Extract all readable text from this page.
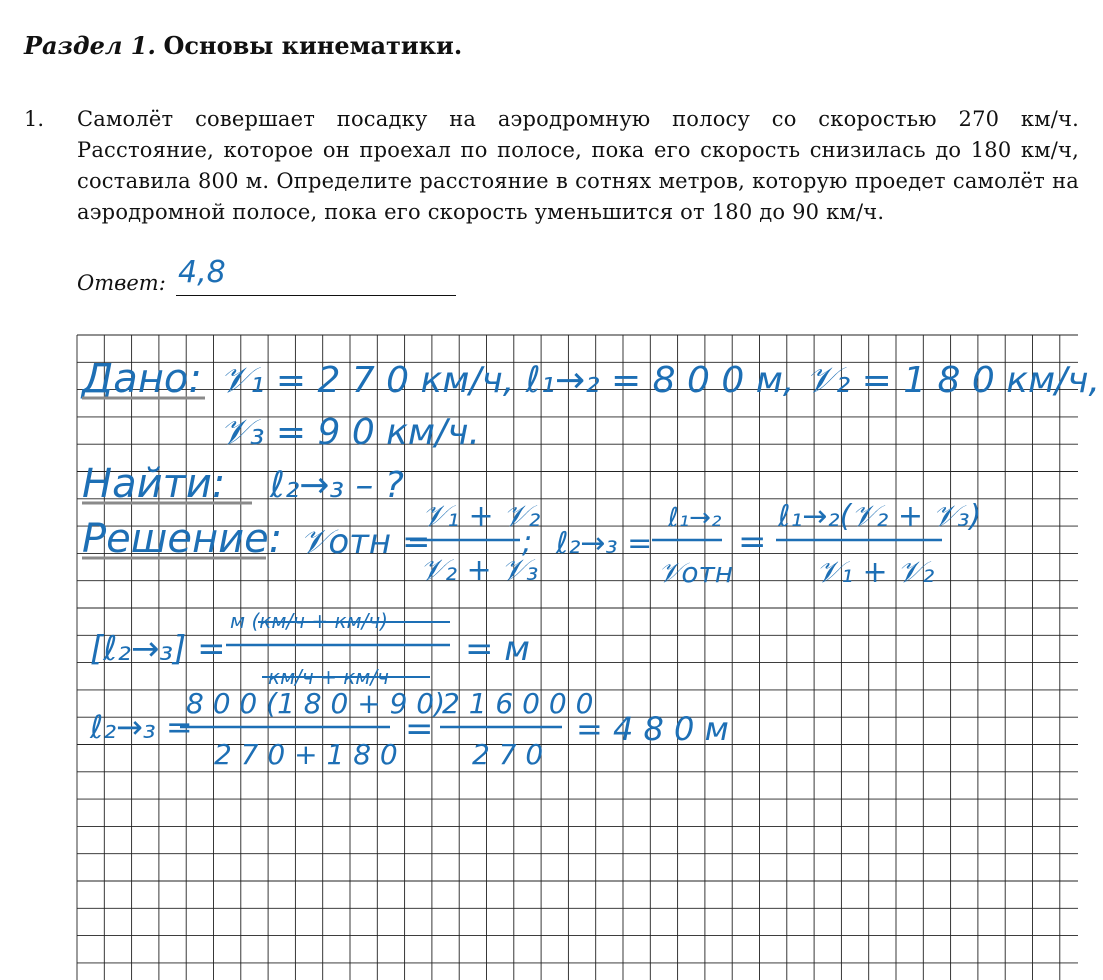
Раздел 1. Основы кинематики.
1. Самолёт совершает посадку на аэродромную полосу со скоростью 270 км/ч. Расстояние, которое он проехал по полосе, пока его скорость снизилась до 180 км/ч, составила 800 м. Определите расстояние в сотнях метров, которую проедет самолёт на аэродромной полосе, пока его скорость уменьшится от 180 до 90 км/ч.
Ответ: 4,8
Дано: 𝒱₁ = 2 7 0 км/ч, ℓ₁→₂ = 8 0 0 м, 𝒱₂ = 1 8 0 км/ч,
𝒱₃ = 9 0 км/ч.
Найти: ℓ₂→₃ – ?
Решение: 𝒱отн =
𝒱₁ + 𝒱₂
𝒱₂ + 𝒱₃
; ℓ₂→₃ =
ℓ₁→₂
𝒱отн
=
ℓ₁→₂(𝒱₂ + 𝒱₃)
𝒱₁ + 𝒱₂
[ℓ₂→₃] =
м (км/ч + км/ч)
км/ч + км/ч
= м
ℓ₂→₃ =
8 0 0 (1 8 0 + 9 0)
2 7 0 + 1 8 0
=
2 1 6 0 0 0
2 7 0
= 4 8 0 м
